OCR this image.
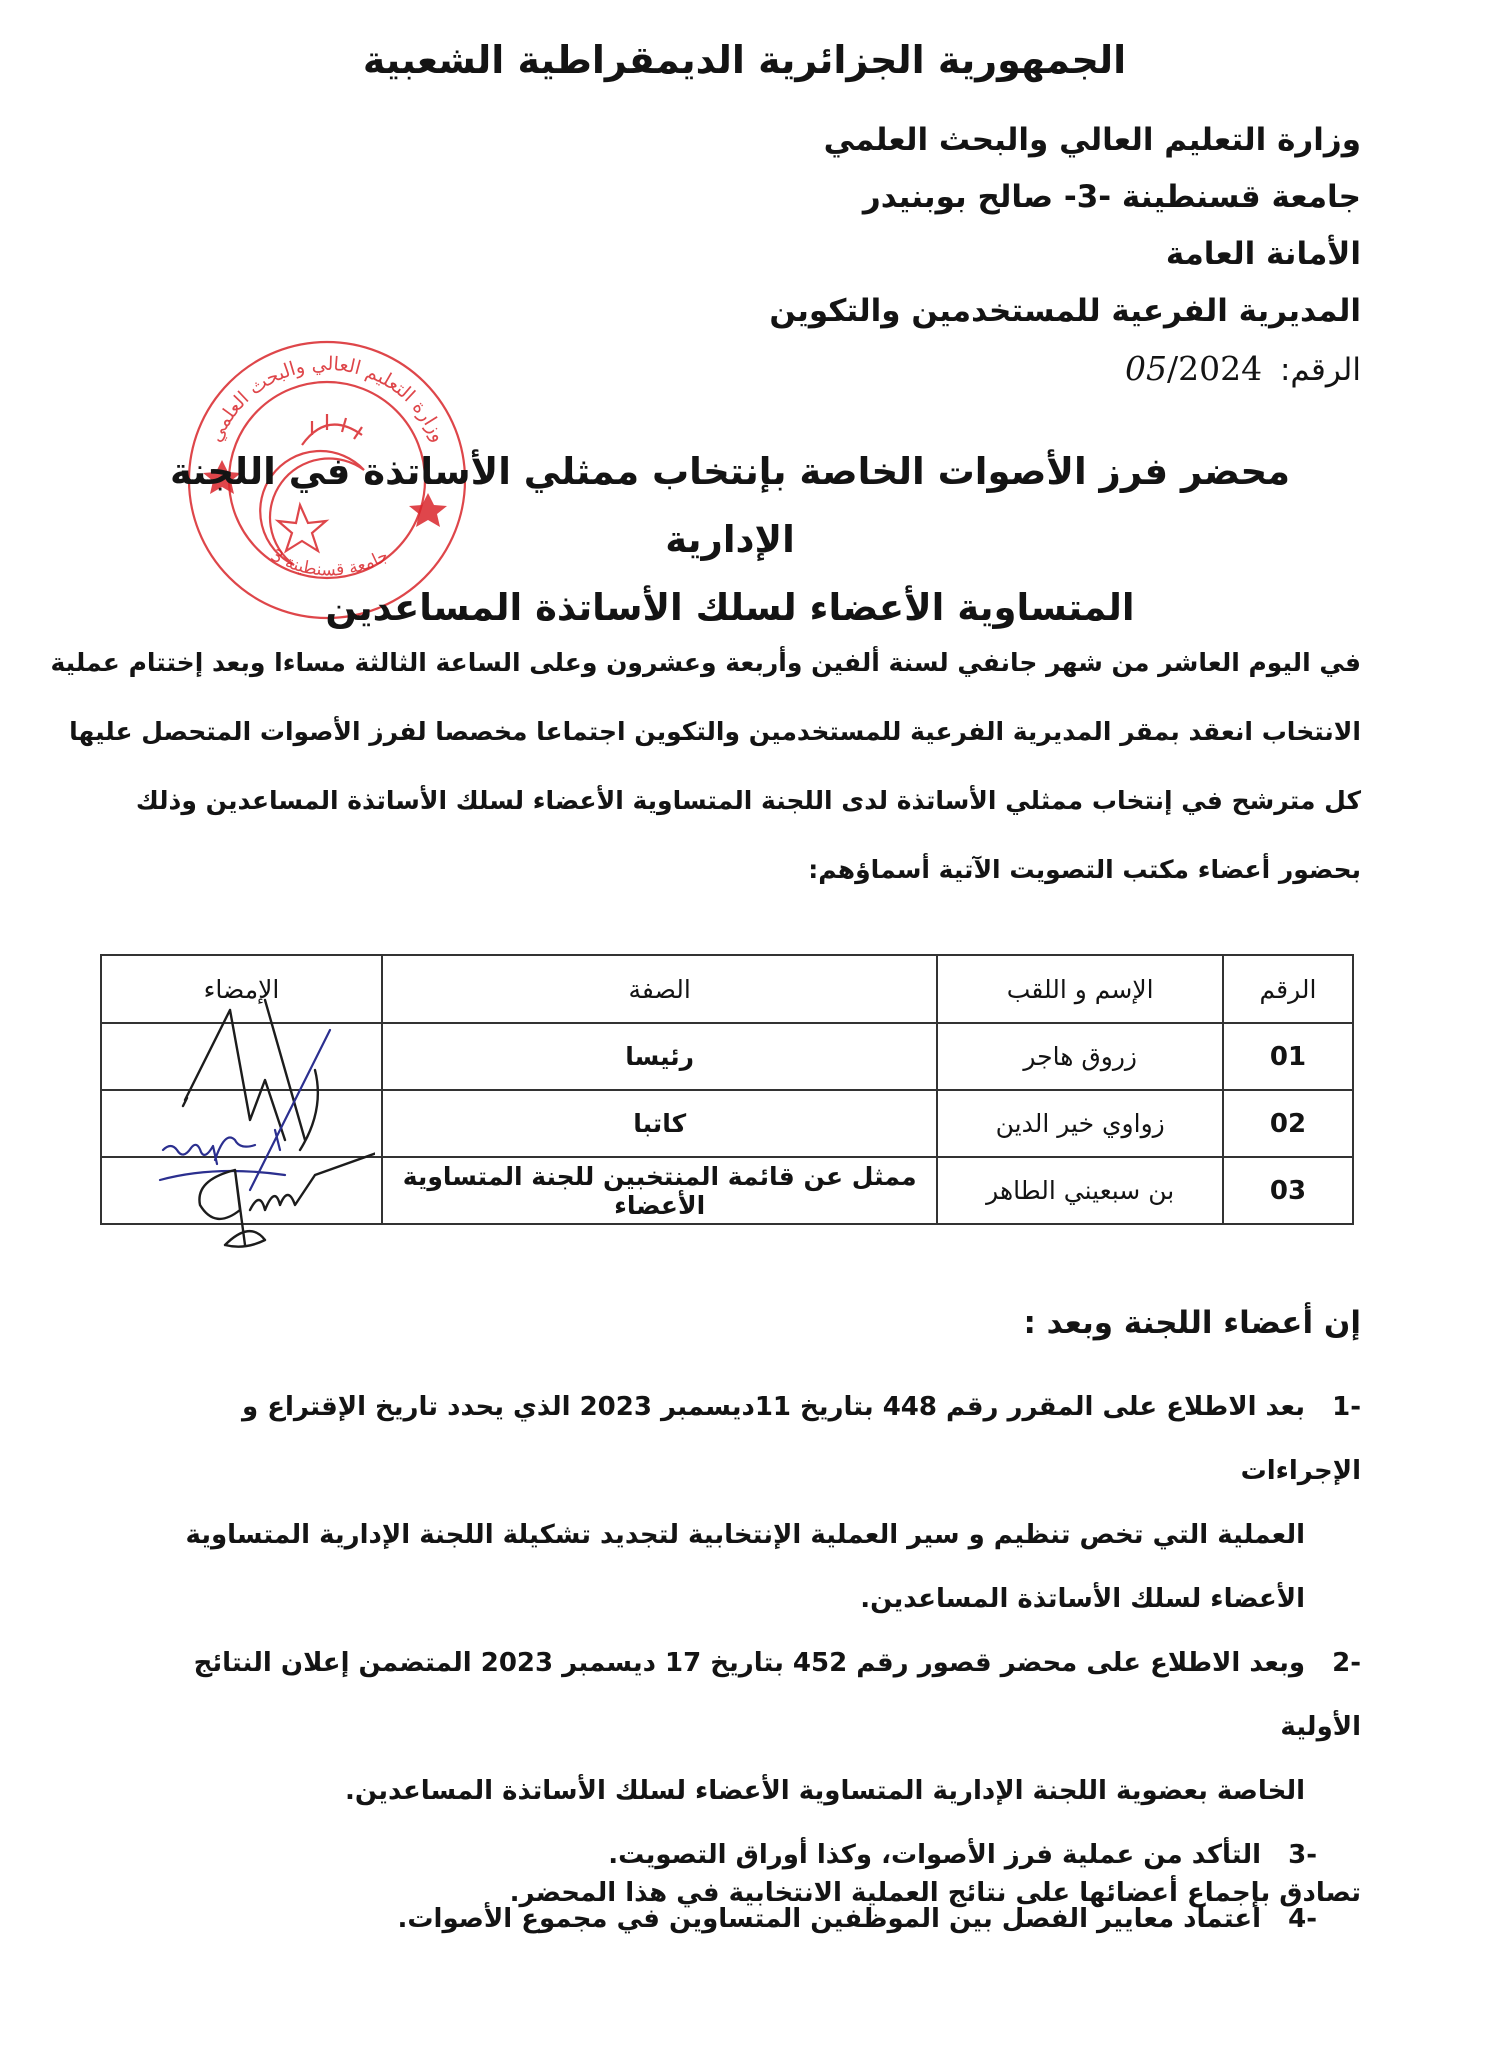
الجمهورية الجزائرية الديمقراطية الشعبية
وزارة التعليم العالي والبحث العلمي
جامعة قسنطينة -3- صالح بوبنيدر
الأمانة العامة
المديرية الفرعية للمستخدمين والتكوين
الرقم: 05/2024
وزارة التعليم العالي والبحث العلمي
جامعة قسنطينة 3
محضر فرز الأصوات الخاصة بإنتخاب ممثلي الأساتذة في اللجنة الإدارية
المتساوية الأعضاء لسلك الأساتذة المساعدين
في اليوم العاشر من شهر جانفي لسنة ألفين وأربعة وعشرون وعلى الساعة الثالثة مساءا وبعد إختتام عملية
الانتخاب انعقد بمقر المديرية الفرعية للمستخدمين والتكوين اجتماعا مخصصا لفرز الأصوات المتحصل عليها
كل مترشح في إنتخاب ممثلي الأساتذة لدى اللجنة المتساوية الأعضاء لسلك الأساتذة المساعدين وذلك
بحضور أعضاء مكتب التصويت الآتية أسماؤهم:
الرقم	الإسم و اللقب	الصفة	الإمضاء
01	زروق هاجر	رئيسا	
02	زواوي خير الدين	كاتبا	
03	بن سبعيني الطاهر	ممثل عن قائمة المنتخبين للجنة المتساوية الأعضاء	
إن أعضاء اللجنة وبعد :
-1بعد الاطلاع على المقرر رقم 448 بتاريخ 11ديسمبر 2023 الذي يحدد تاريخ الإقتراع و الإجراءات
العملية التي تخص تنظيم و سير العملية الإنتخابية لتجديد تشكيلة اللجنة الإدارية المتساوية
الأعضاء لسلك الأساتذة المساعدين.
-2وبعد الاطلاع على محضر قصور رقم 452 بتاريخ 17 ديسمبر 2023 المتضمن إعلان النتائج الأولية
الخاصة بعضوية اللجنة الإدارية المتساوية الأعضاء لسلك الأساتذة المساعدين.
-3التأكد من عملية فرز الأصوات، وكذا أوراق التصويت.
-4اعتماد معايير الفصل بين الموظفين المتساوين في مجموع الأصوات.
تصادق بإجماع أعضائها على نتائج العملية الانتخابية في هذا المحضر.
